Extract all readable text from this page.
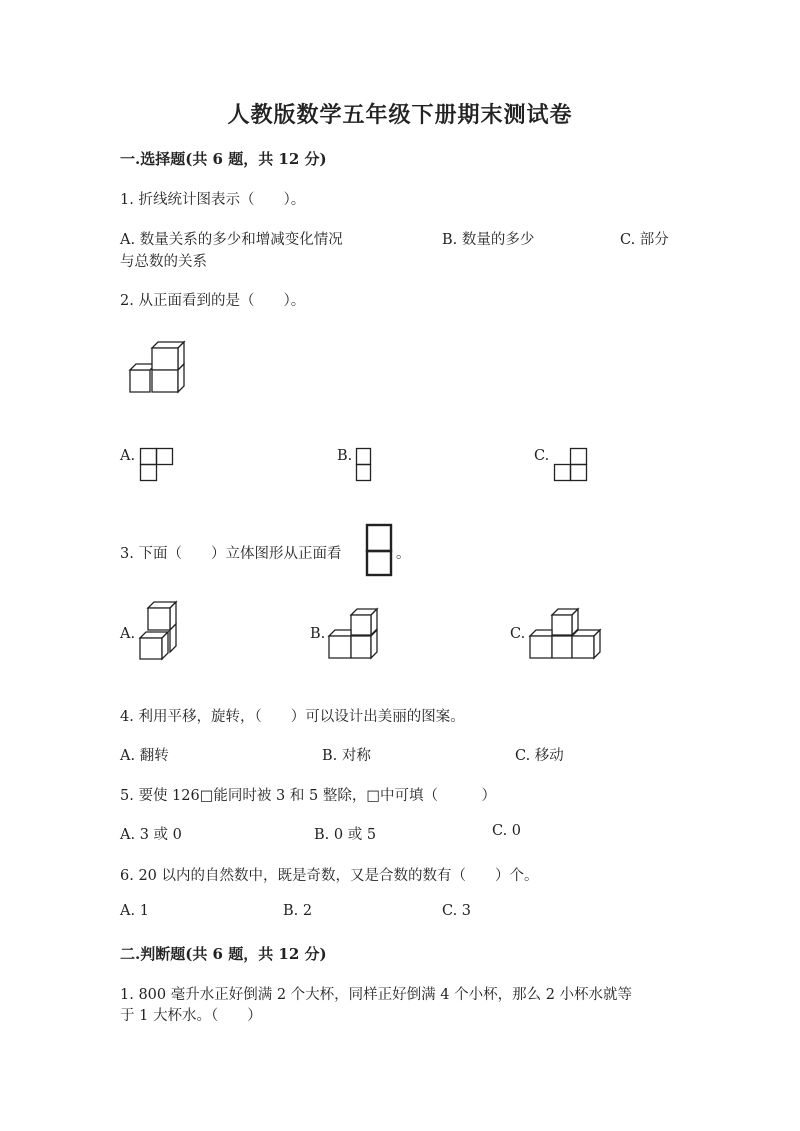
人教版数学五年级下册期末测试卷
一.选择题(共 6 题，共 12 分)
1. 折线统计图表示（　　）。
A. 数量关系的多少和增减变化情况
与总数的关系
B. 数量的多少	C. 部分
2. 从正面看到的是（　　）。
A.	B.	C.
3. 下面（　　）立体图形从正面看	。
A.	B.	C.
4. 利用平移，旋转，（　　）可以设计出美丽的图案。
A. 翻转	B. 对称	C. 移动
5. 要使 126□能同时被 3 和 5 整除，□中可填（　　　）
A. 3 或 0	B. 0 或 5	C. 0
6. 20 以内的自然数中，既是奇数，又是合数的数有（　　）个。
A. 1	B. 2	C. 3
二.判断题(共 6 题，共 12 分)
1. 800 毫升水正好倒满 2 个大杯，同样正好倒满 4 个小杯，那么 2 小杯水就等
于 1 大杯水。（　　）
